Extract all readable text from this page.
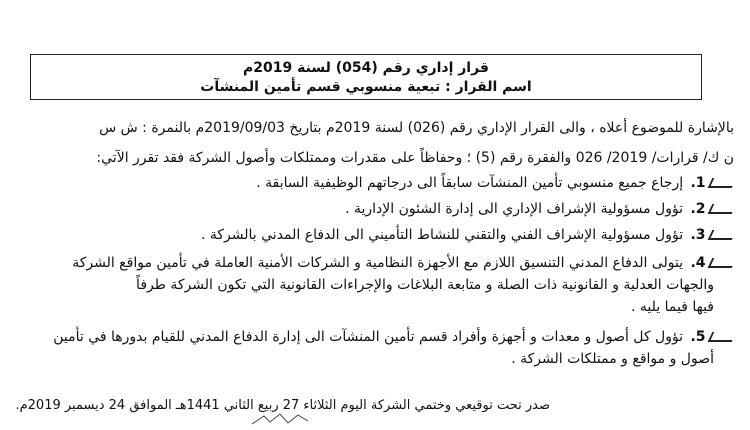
قرار إداري رقم (054) لسنة 2019م
اسم القرار : تبعية منسوبي قسم تأمين المنشآت
بالإشارة للموضوع أعلاه ، والى القرار الإداري رقم (026) لسنة 2019م بتاريخ 2019/09/03م بالنمرة : ش س
ن ك/ قرارات/ 2019/ 026 والفقرة رقم (5) ؛ وحفاظاً على مقدرات وممتلكات وأصول الشركة فقد تقرر الآتي:
1. إرجاع جميع منسوبي تأمين المنشآت سابقاً الى درجاتهم الوظيفية السابقة .
2. تؤول مسؤولية الإشراف الإداري الى إدارة الشئون الإدارية .
3. تؤول مسؤولية الإشراف الفني والتقني للنشاط التأميني الى الدفاع المدني بالشركة .
4. يتولى الدفاع المدني التنسيق اللازم مع الأجهزة النظامية و الشركات الأمنية العاملة في تأمين مواقع الشركة
والجهات العدلية و القانونية ذات الصلة و متابعة البلاغات والإجراءات القانونية التي تكون الشركة طرفاً
فيها فيما يليه .
5. تؤول كل أصول و معدات و أجهزة وأفراد قسم تأمين المنشآت الى إدارة الدفاع المدني للقيام بدورها في تأمين
أصول و مواقع و ممتلكات الشركة .
صدر تحت توقيعي وختمي الشركة اليوم الثلاثاء 27 ربيع الثاني 1441هـ الموافق 24 ديسمبر 2019م.
